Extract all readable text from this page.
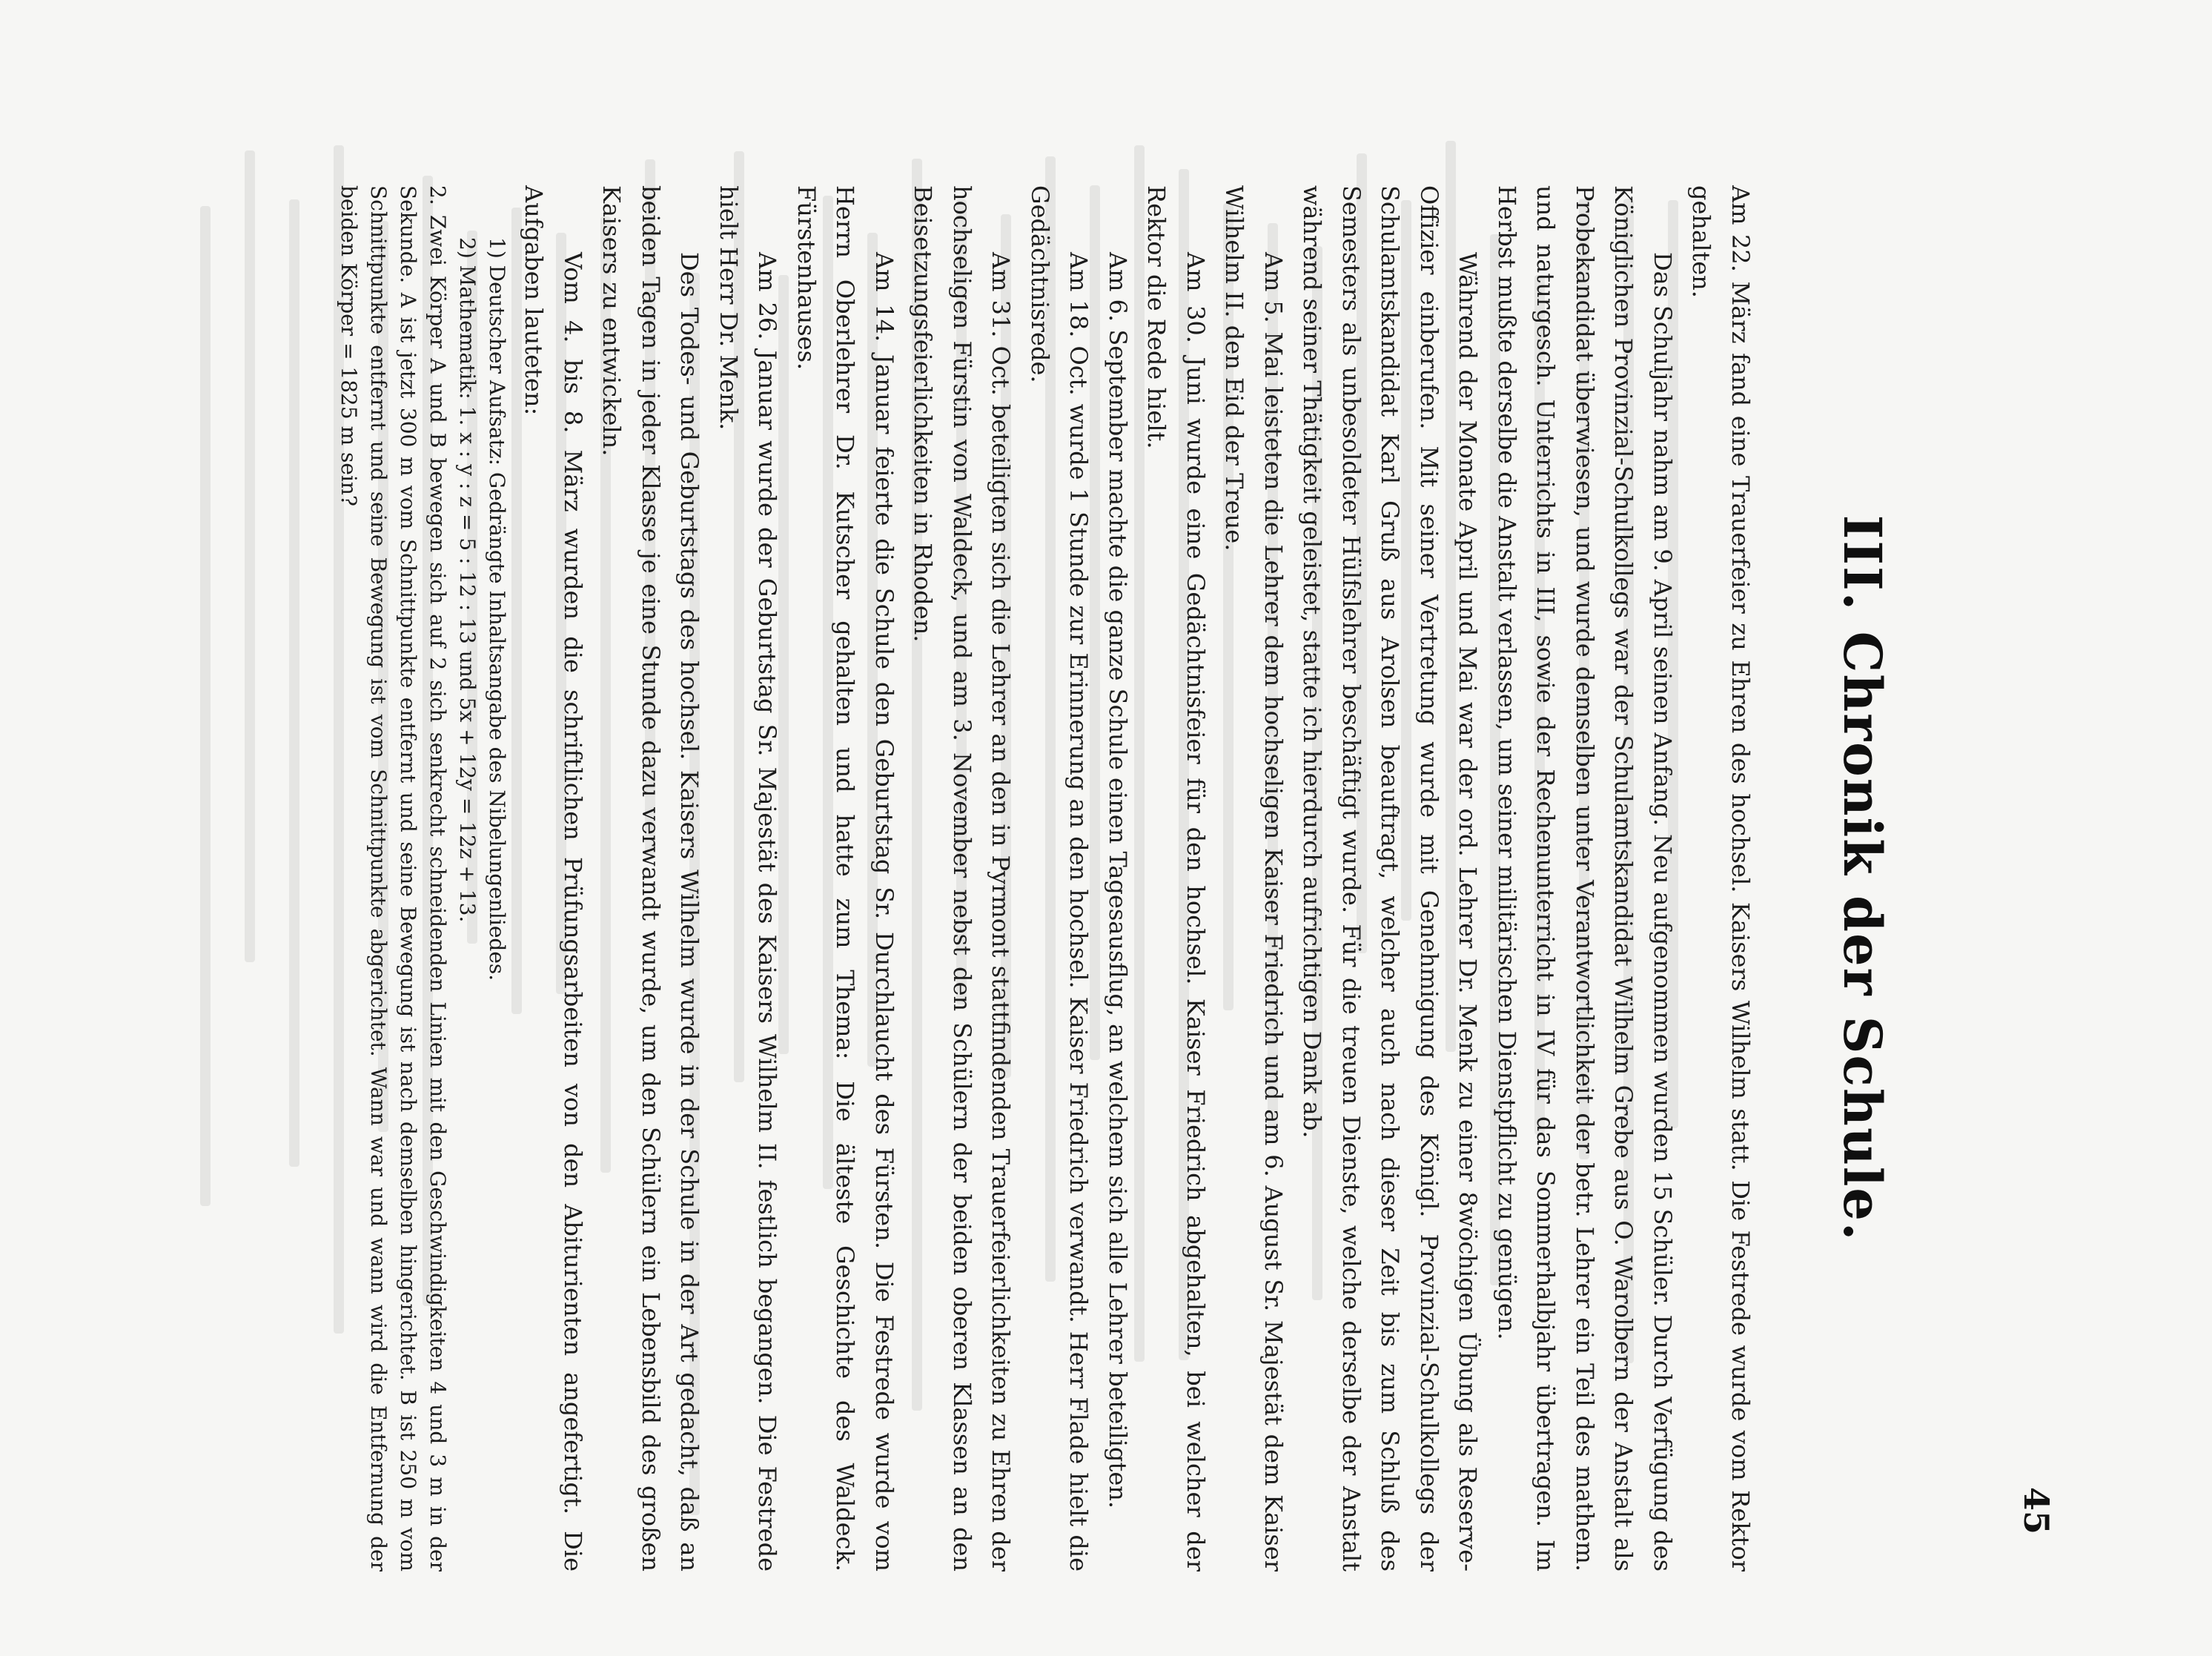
45
III. Chronik der Schule.

Am 22. März fand eine Trauerfeier zu Ehren des hochsel. Kaisers Wilhelm statt. Die Festrede wurde vom Rektor gehalten.

Das Schuljahr nahm am 9. April seinen Anfang. Neu aufgenommen wurden 15 Schüler. Durch Verfügung des Königlichen Provinzial-Schulkollegs war der Schulamtskandidat Wilhelm Grebe aus O. Warolbern der Anstalt als Probekandidat überwiesen, und wurde demselben unter Verantwortlichkeit der betr. Lehrer ein Teil des mathem. und naturgesch. Unterrichts in III, sowie der Rechenunterricht in IV für das Sommerhalbjahr übertragen. Im Herbst mußte derselbe die Anstalt verlassen, um seiner militärischen Dienstpflicht zu genügen.

Während der Monate April und Mai war der ord. Lehrer Dr. Menk zu einer 8wöchigen Übung als Reserve-Offizier einberufen. Mit seiner Vertretung wurde mit Genehmigung des Königl. Provinzial-Schulkollegs der Schulamtskandidat Karl Gruß aus Arolsen beauftragt, welcher auch nach dieser Zeit bis zum Schluß des Semesters als unbesoldeter Hülfslehrer beschäftigt wurde. Für die treuen Dienste, welche derselbe der Anstalt während seiner Thätigkeit geleistet, statte ich hierdurch aufrichtigen Dank ab.

Am 5. Mai leisteten die Lehrer dem hochseligen Kaiser Friedrich und am 6. August Sr. Majestät dem Kaiser Wilhelm II. den Eid der Treue.

Am 30. Juni wurde eine Gedächtnisfeier für den hochsel. Kaiser Friedrich abgehalten, bei welcher der Rektor die Rede hielt.

Am 6. September machte die ganze Schule einen Tagesausflug, an welchem sich alle Lehrer beteiligten.

Am 18. Oct. wurde 1 Stunde zur Erinnerung an den hochsel. Kaiser Friedrich verwandt. Herr Flade hielt die Gedächtnisrede.

Am 31. Oct. beteiligten sich die Lehrer an den in Pyrmont stattfindenden Trauerfeierlichkeiten zu Ehren der hochseligen Fürstin von Waldeck, und am 3. November nebst den Schülern der beiden oberen Klassen an den Beisetzungsfeierlichkeiten in Rhoden.

Am 14. Januar feierte die Schule den Geburtstag Sr. Durchlaucht des Fürsten. Die Festrede wurde vom Herrn Oberlehrer Dr. Kutscher gehalten und hatte zum Thema: Die älteste Geschichte des Waldeck. Fürstenhauses.

Am 26. Januar wurde der Geburtstag Sr. Majestät des Kaisers Wilhelm II. festlich begangen. Die Festrede hielt Herr Dr. Menk.

Des Todes- und Geburtstags des hochsel. Kaisers Wilhelm wurde in der Schule in der Art gedacht, daß an beiden Tagen in jeder Klasse je eine Stunde dazu verwandt wurde, um den Schülern ein Lebensbild des großen Kaisers zu entwickeln.

Vom 4. bis 8. März wurden die schriftlichen Prüfungsarbeiten von den Abiturienten angefertigt. Die Aufgaben lauteten:

1) Deutscher Aufsatz: Gedrängte Inhaltsangabe des Nibelungenliedes.

2) Mathematik: 1. x : y : z = 5 : 12 : 13 und 5x + 12y = 12z + 13.

2. Zwei Körper A und B bewegen sich auf 2 sich senkrecht schneidenden Linien mit den Geschwindigkeiten 4 und 3 m in der Sekunde. A ist jetzt 300 m vom Schnittpunkte entfernt und seine Bewegung ist nach demselben hingerichtet. B ist 250 m vom Schnittpunkte entfernt und seine Bewegung ist vom Schnittpunkte abgerichtet. Wann war und wann wird die Entfernung der beiden Körper = 1825 m sein?
